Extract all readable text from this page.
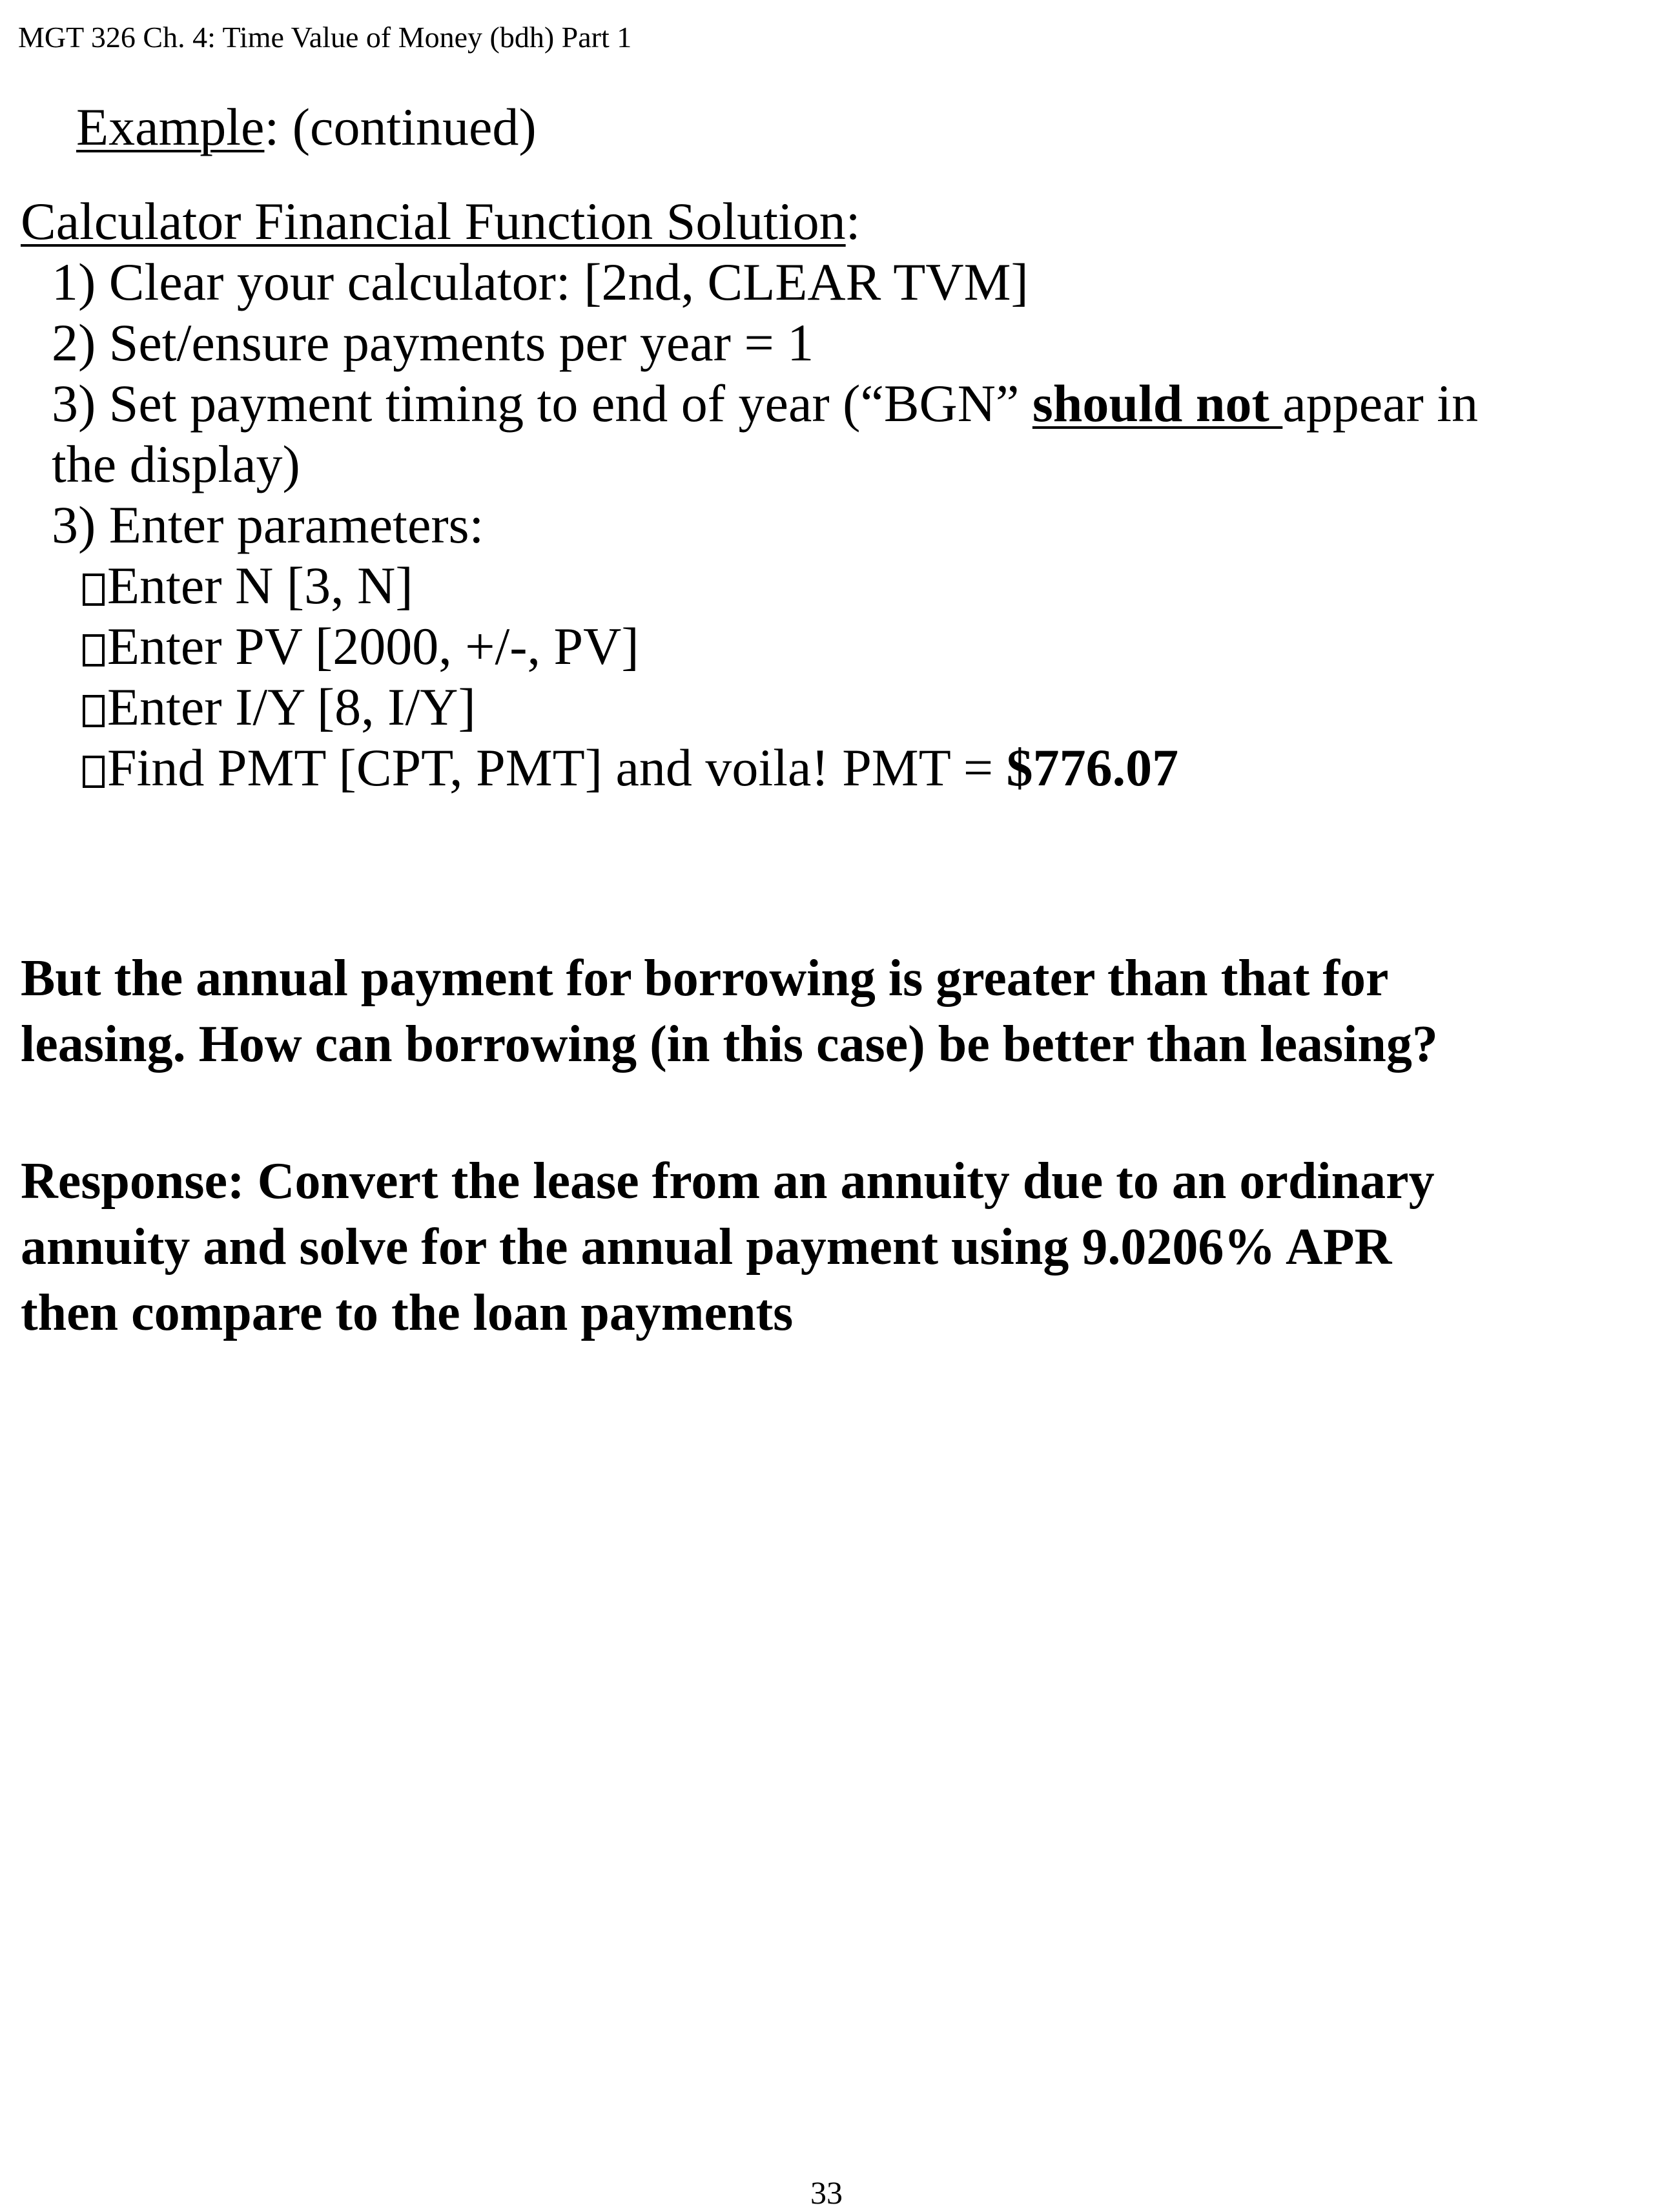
MGT 326 Ch. 4: Time Value of Money (bdh) Part 1
Example: (continued)
Calculator Financial Function Solution:
1) Clear your calculator: [2nd, CLEAR TVM]
2) Set/ensure payments per year = 1
3) Set payment timing to end of year (“BGN” should not appear in
the display)
3) Enter parameters:
Enter N [3, N]
Enter PV [2000, +/-, PV]
Enter I/Y [8, I/Y]
Find PMT [CPT, PMT] and voila! PMT = $776.07
But the annual payment for borrowing is greater than that for
leasing. How can borrowing (in this case) be better than leasing?
Response: Convert the lease from an annuity due to an ordinary
annuity and solve for the annual payment using 9.0206% APR
then compare to the loan payments
33
